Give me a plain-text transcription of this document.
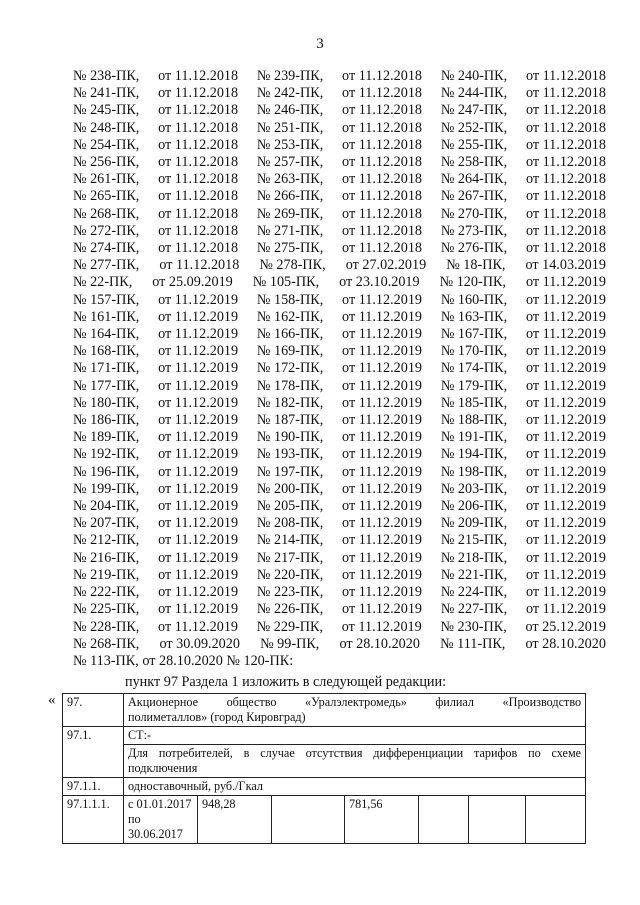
3
№ 238-ПК, от 11.12.2018 № 239-ПК, от 11.12.2018 № 240-ПК, от 11.12.2018
№ 241-ПК, от 11.12.2018 № 242-ПК, от 11.12.2018 № 244-ПК, от 11.12.2018
№ 245-ПК, от 11.12.2018 № 246-ПК, от 11.12.2018 № 247-ПК, от 11.12.2018
№ 248-ПК, от 11.12.2018 № 251-ПК, от 11.12.2018 № 252-ПК, от 11.12.2018
№ 254-ПК, от 11.12.2018 № 253-ПК, от 11.12.2018 № 255-ПК, от 11.12.2018
№ 256-ПК, от 11.12.2018 № 257-ПК, от 11.12.2018 № 258-ПК, от 11.12.2018
№ 261-ПК, от 11.12.2018 № 263-ПК, от 11.12.2018 № 264-ПК, от 11.12.2018
№ 265-ПК, от 11.12.2018 № 266-ПК, от 11.12.2018 № 267-ПК, от 11.12.2018
№ 268-ПК, от 11.12.2018 № 269-ПК, от 11.12.2018 № 270-ПК, от 11.12.2018
№ 272-ПК, от 11.12.2018 № 271-ПК, от 11.12.2018 № 273-ПК, от 11.12.2018
№ 274-ПК, от 11.12.2018 № 275-ПК, от 11.12.2018 № 276-ПК, от 11.12.2018
№ 277-ПК, от 11.12.2018 № 278-ПК, от 27.02.2019 № 18-ПК, от 14.03.2019
№ 22-ПК, от 25.09.2019 № 105-ПК, от 23.10.2019 № 120-ПК, от 11.12.2019
№ 157-ПК, от 11.12.2019 № 158-ПК, от 11.12.2019 № 160-ПК, от 11.12.2019
№ 161-ПК, от 11.12.2019 № 162-ПК, от 11.12.2019 № 163-ПК, от 11.12.2019
№ 164-ПК, от 11.12.2019 № 166-ПК, от 11.12.2019 № 167-ПК, от 11.12.2019
№ 168-ПК, от 11.12.2019 № 169-ПК, от 11.12.2019 № 170-ПК, от 11.12.2019
№ 171-ПК, от 11.12.2019 № 172-ПК, от 11.12.2019 № 174-ПК, от 11.12.2019
№ 177-ПК, от 11.12.2019 № 178-ПК, от 11.12.2019 № 179-ПК, от 11.12.2019
№ 180-ПК, от 11.12.2019 № 182-ПК, от 11.12.2019 № 185-ПК, от 11.12.2019
№ 186-ПК, от 11.12.2019 № 187-ПК, от 11.12.2019 № 188-ПК, от 11.12.2019
№ 189-ПК, от 11.12.2019 № 190-ПК, от 11.12.2019 № 191-ПК, от 11.12.2019
№ 192-ПК, от 11.12.2019 № 193-ПК, от 11.12.2019 № 194-ПК, от 11.12.2019
№ 196-ПК, от 11.12.2019 № 197-ПК, от 11.12.2019 № 198-ПК, от 11.12.2019
№ 199-ПК, от 11.12.2019 № 200-ПК, от 11.12.2019 № 203-ПК, от 11.12.2019
№ 204-ПК, от 11.12.2019 № 205-ПК, от 11.12.2019 № 206-ПК, от 11.12.2019
№ 207-ПК, от 11.12.2019 № 208-ПК, от 11.12.2019 № 209-ПК, от 11.12.2019
№ 212-ПК, от 11.12.2019 № 214-ПК, от 11.12.2019 № 215-ПК, от 11.12.2019
№ 216-ПК, от 11.12.2019 № 217-ПК, от 11.12.2019 № 218-ПК, от 11.12.2019
№ 219-ПК, от 11.12.2019 № 220-ПК, от 11.12.2019 № 221-ПК, от 11.12.2019
№ 222-ПК, от 11.12.2019 № 223-ПК, от 11.12.2019 № 224-ПК, от 11.12.2019
№ 225-ПК, от 11.12.2019 № 226-ПК, от 11.12.2019 № 227-ПК, от 11.12.2019
№ 228-ПК, от 11.12.2019 № 229-ПК, от 11.12.2019 № 230-ПК, от 25.12.2019
№ 268-ПК, от 30.09.2020 № 99-ПК, от 28.10.2020 № 111-ПК, от 28.10.2020
№ 113-ПК, от 28.10.2020 № 120-ПК:
пункт 97 Раздела 1 изложить в следующей редакции:
« 97.	Акционерное общество «Уралэлектромедь» филиал «Производство
полиметаллов» (город Кировград)						

97.1.	СТ:-						

	Для потребителей, в случае отсутствия дифференциации тарифов по схеме
подключения						

97.1.1.	одноставочный, руб./Гкал						
97.1.1.1.	с 01.01.2017 по 30.06.2017	948,28		781,56			
